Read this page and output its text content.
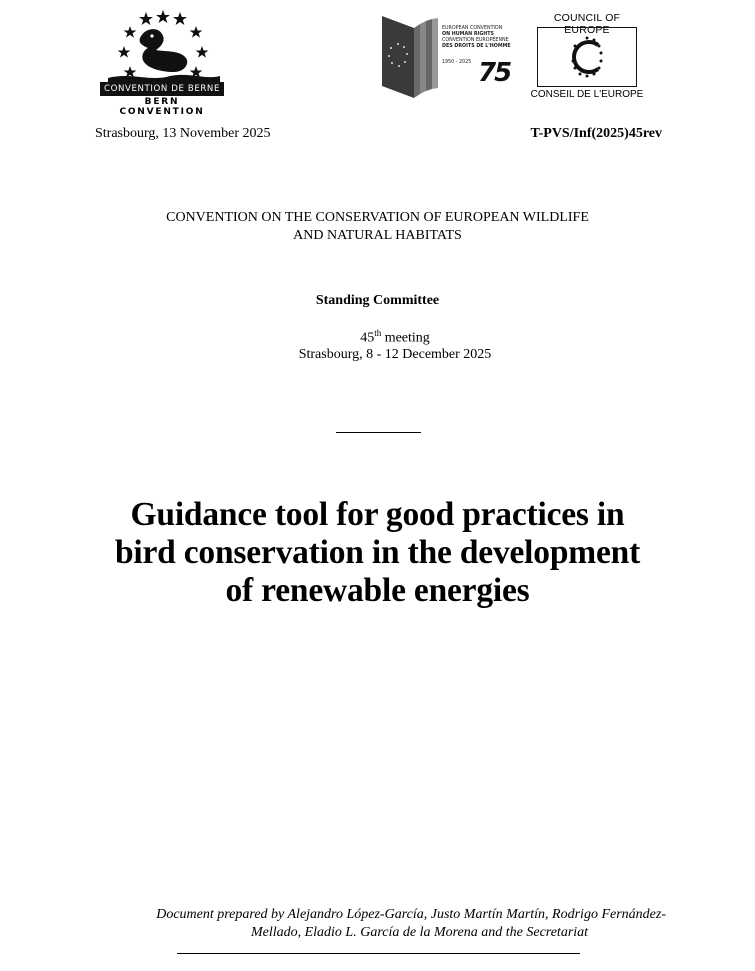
CONVENTION DE BERNE
BERN CONVENTION
EUROPEAN CONVENTION
ON HUMAN RIGHTS
CONVENTION EUROPÉENNE
DES DROITS DE L'HOMME
1950 - 2025 75
COUNCIL OF EUROPE
CONSEIL DE L'EUROPE
Strasbourg, 13 November 2025	T-PVS/Inf(2025)45rev
CONVENTION ON THE CONSERVATION OF EUROPEAN WILDLIFE
AND NATURAL HABITATS
Standing Committee
45th meeting
Strasbourg, 8 - 12 December 2025
Guidance tool for good practices in
bird conservation in the development
of renewable energies
Document prepared by Alejandro López-García, Justo Martín Martín, Rodrigo Fernández-
Mellado, Eladio L. García de la Morena and the Secretariat
